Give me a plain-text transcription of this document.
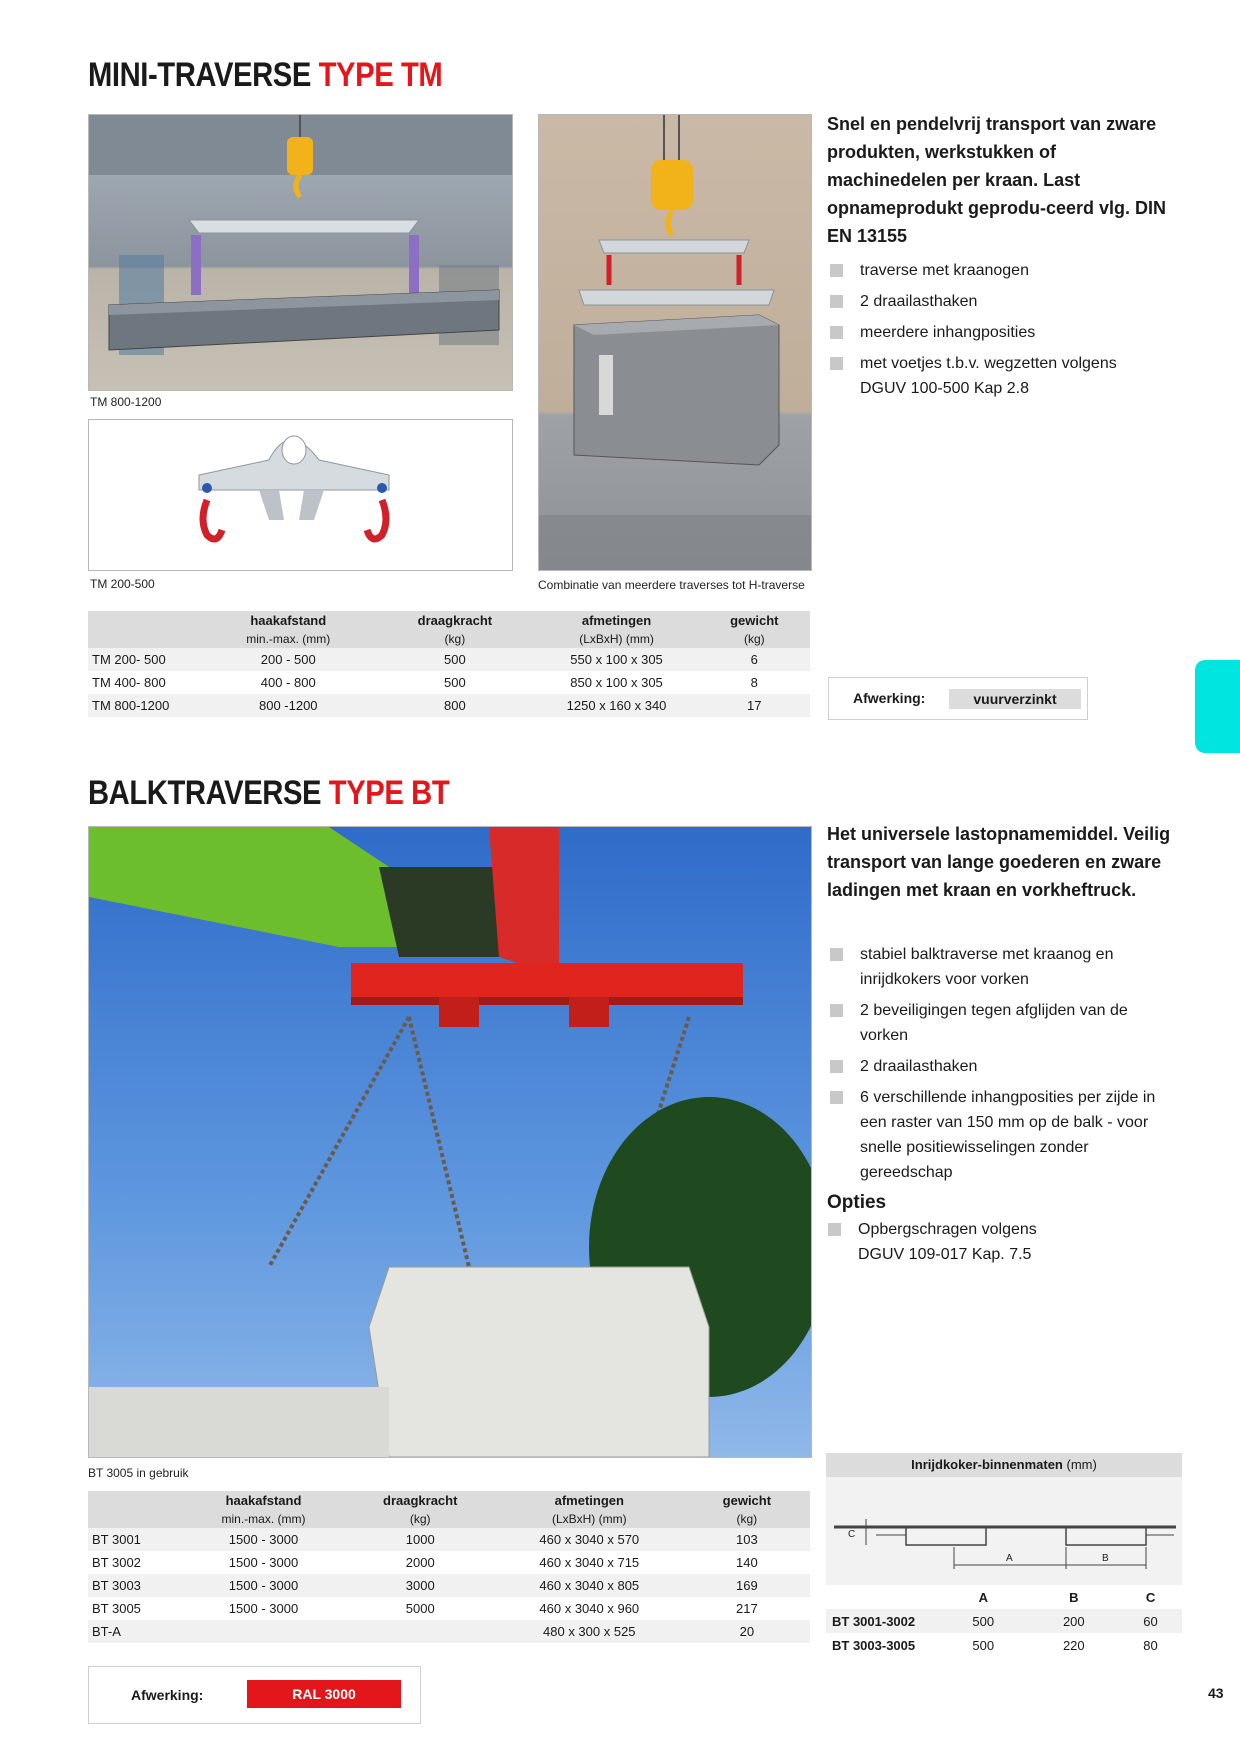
MINI-TRAVERSE TYPE TM
TM 800-1200
TM 200-500	Combinatie van meerdere traverses tot H-traverse
Snel en pendelvrij transport van zware produkten, werkstukken of machinedelen per kraan. Last opnameprodukt geprodu-ceerd vlg. DIN EN 13155
traverse met kraanogen
2 draailasthaken
meerdere inhangposities
met voetjes t.b.v. wegzetten volgens DGUV 100-500 Kap 2.8
	haakafstand	draagkracht	afmetingen	gewicht
	min.-max. (mm)	(kg)	(LxBxH) (mm)	(kg)
TM 200- 500	200 - 500	500	550 x 100 x 305	6
TM 400- 800	400 - 800	500	850 x 100 x 305	8
TM 800-1200	800 -1200	800	1250 x 160 x 340	17	Afwerking:	vuurverzinkt
BALKTRAVERSE TYPE BT
BT 3005 in gebruik
Het universele lastopnamemiddel. Veilig transport van lange goederen en zware ladingen met kraan en vorkheftruck.
stabiel balktraverse met kraanog en inrijdkokers voor vorken
2 beveiligingen tegen afglijden van de vorken
2 draailasthaken
6 verschillende inhangposities per zijde in een raster van 150 mm op de balk - voor snelle positiewisselingen zonder gereedschap
Opties
Opbergschragen volgens DGUV 109-017 Kap. 7.5
	haakafstand	draagkracht	afmetingen	gewicht
	min.-max. (mm)	(kg)	(LxBxH) (mm)	(kg)
BT 3001	1500 - 3000	1000	460 x 3040 x 570	103
BT 3002	1500 - 3000	2000	460 x 3040 x 715	140
BT 3003	1500 - 3000	3000	460 x 3040 x 805	169
BT 3005	1500 - 3000	5000	460 x 3040 x 960	217
BT-A			480 x 300 x 525	20
Inrijdkoker-binnenmaten (mm)
C
A	B
	A	B	C
BT 3001-3002	500	200	60
BT 3003-3005	500	220	80
Afwerking:	RAL 3000	43
